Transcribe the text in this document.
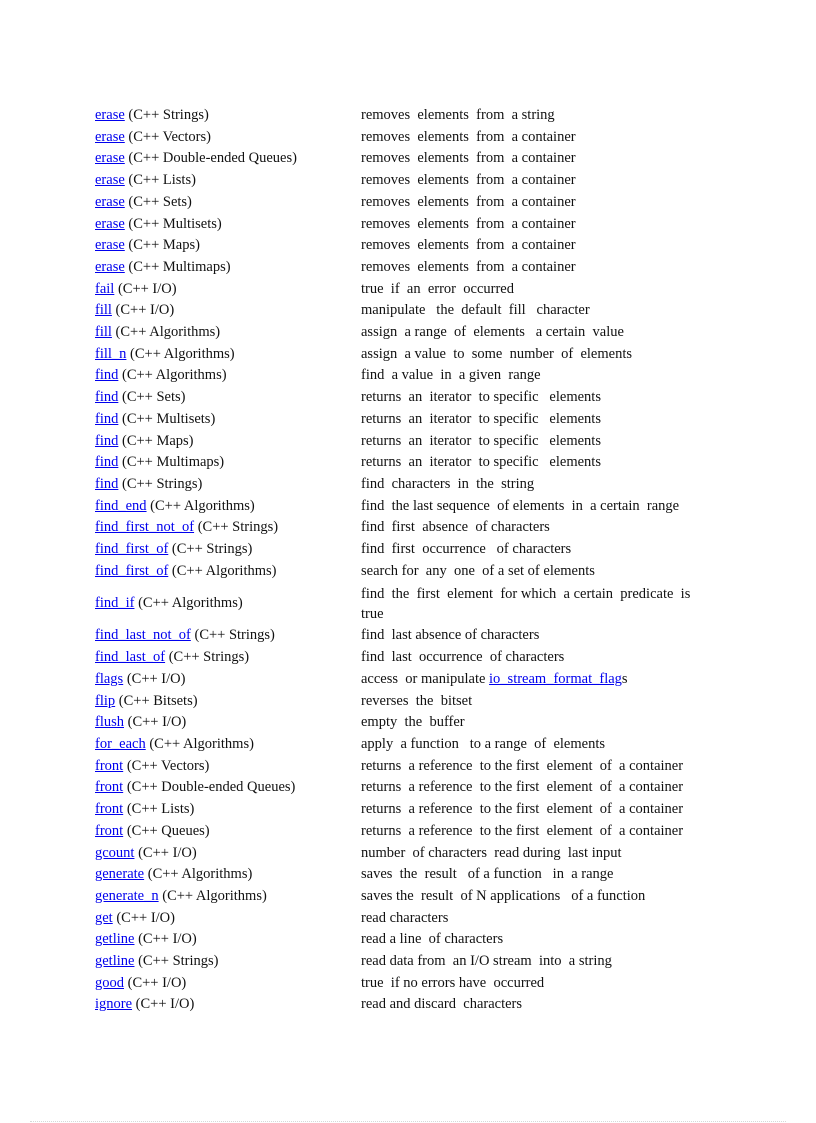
erase (C++ Strings)	removes  elements  from  a string
erase (C++ Vectors)	removes  elements  from  a container
erase (C++ Double-ended Queues)	removes  elements  from  a container
erase (C++ Lists)	removes  elements  from  a container
erase (C++ Sets)	removes  elements  from  a container
erase (C++ Multisets)	removes  elements  from  a container
erase (C++ Maps)	removes  elements  from  a container
erase (C++ Multimaps)	removes  elements  from  a container
fail (C++ I/O)	true  if  an  error  occurred
fill (C++ I/O)	manipulate   the  default  fill   character
fill (C++ Algorithms)	assign  a range  of  elements   a certain  value
fill_n (C++ Algorithms)	assign  a value  to  some  number  of  elements
find (C++ Algorithms)	find  a value  in  a given  range
find (C++ Sets)	returns  an  iterator  to specific   elements
find (C++ Multisets)	returns  an  iterator  to specific   elements
find (C++ Maps)	returns  an  iterator  to specific   elements
find (C++ Multimaps)	returns  an  iterator  to specific   elements
find (C++ Strings)	find  characters  in  the  string
find_end (C++ Algorithms)	find  the last sequence  of elements  in  a certain  range
find_first_not_of (C++ Strings)	find  first  absence  of characters
find_first_of (C++ Strings)	find  first  occurrence   of characters
find_first_of (C++ Algorithms)	search for  any  one  of a set of elements
find_if (C++ Algorithms)	find  the  first  element  for which  a certain  predicate  is  true
find_last_not_of (C++ Strings)	find  last absence of characters
find_last_of (C++ Strings)	find  last  occurrence  of characters
flags (C++ I/O)	access  or manipulate io_stream_format_flags
flip (C++ Bitsets)	reverses  the  bitset
flush (C++ I/O)	empty  the  buffer
for_each (C++ Algorithms)	apply  a function   to a range  of  elements
front (C++ Vectors)	returns  a reference  to the first  element  of  a container
front (C++ Double-ended Queues)	returns  a reference  to the first  element  of  a container
front (C++ Lists)	returns  a reference  to the first  element  of  a container
front (C++ Queues)	returns  a reference  to the first  element  of  a container
gcount (C++ I/O)	number  of characters  read during  last input
generate (C++ Algorithms)	saves  the  result   of a function   in  a range
generate_n (C++ Algorithms)	saves the  result  of N applications   of a function
get (C++ I/O)	read characters
getline (C++ I/O)	read a line  of characters
getline (C++ Strings)	read data from  an I/O stream  into  a string
good (C++ I/O)	true  if no errors have  occurred
ignore (C++ I/O)	read and discard  characters
